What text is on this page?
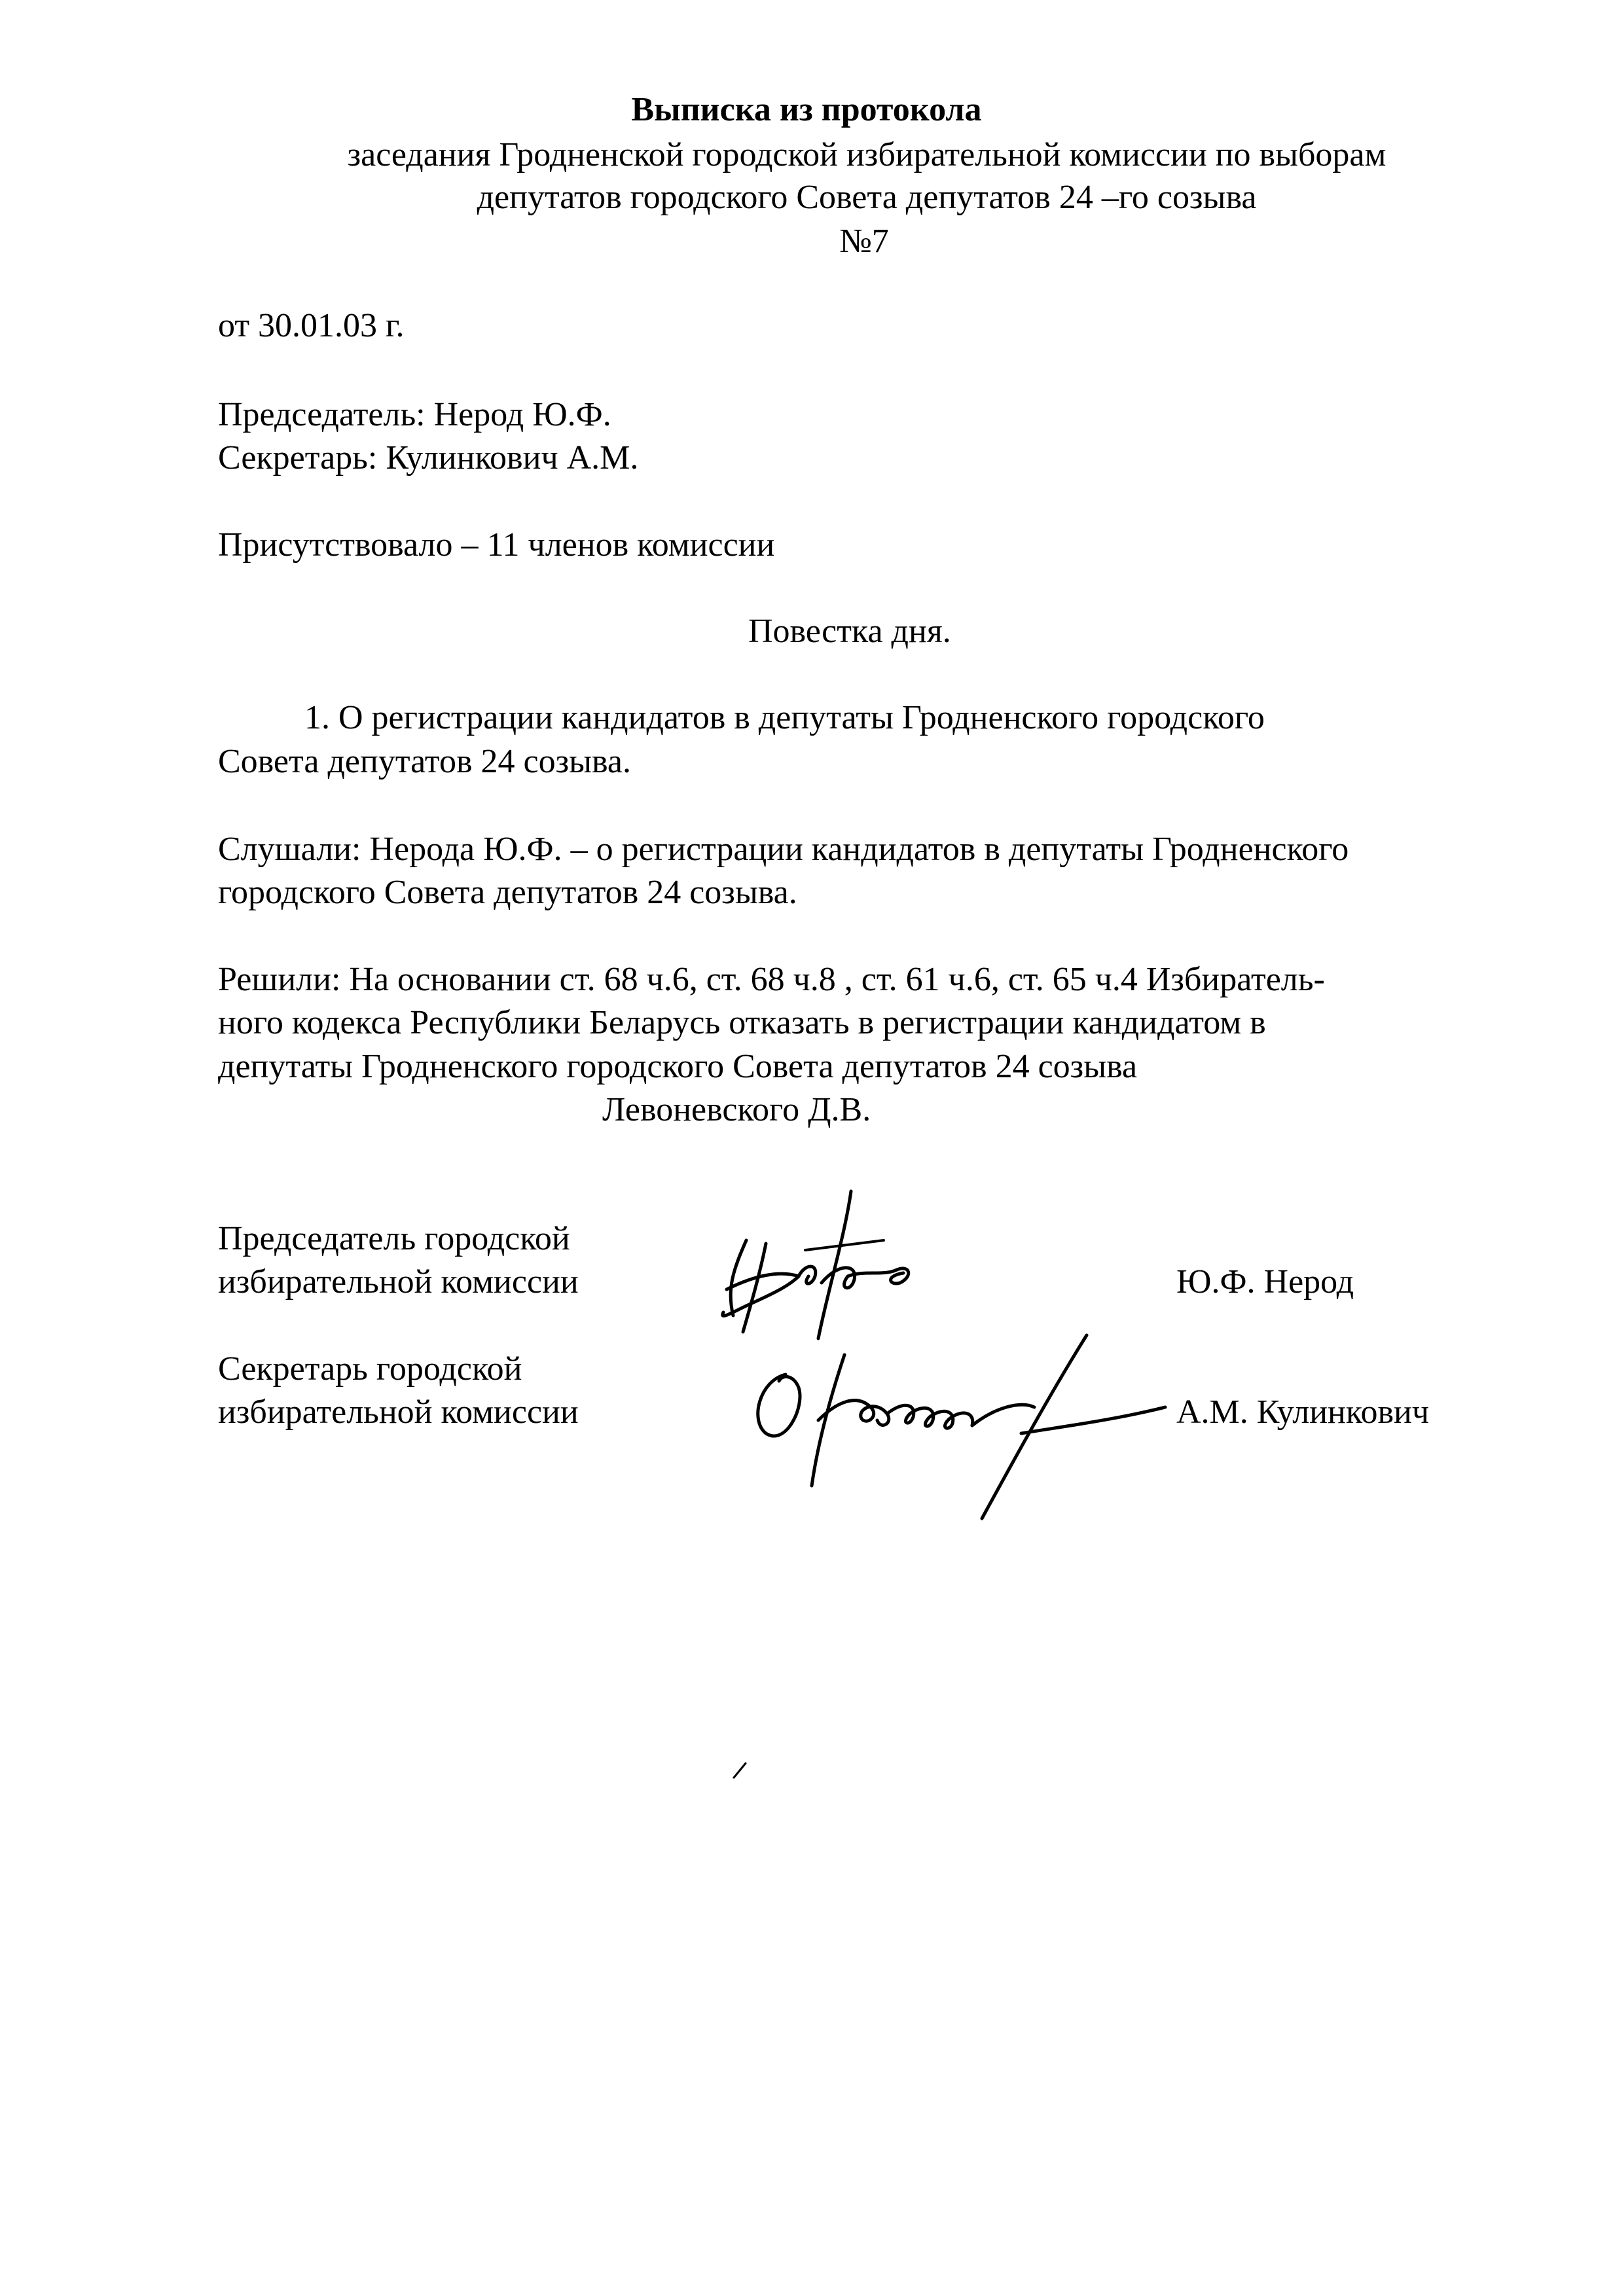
Выписка из протокола

заседания Гродненской городской избирательной комиссии по выборам

депутатов городского Совета депутатов 24 –го созыва

№7

от 30.01.03 г.

Председатель: Нерод Ю.Ф.

Секретарь: Кулинкович А.М.

Присутствовало – 11 членов комиссии

Повестка дня.

1. О регистрации кандидатов в депутаты Гродненского городского

Совета депутатов 24 созыва.

Слушали: Нерода Ю.Ф. – о регистрации кандидатов в депутаты Гродненского

городского Совета депутатов 24 созыва.

Решили: На основании ст. 68 ч.6, ст. 68 ч.8 , ст. 61 ч.6, ст. 65 ч.4 Избиратель-

ного кодекса Республики Беларусь отказать в регистрации кандидатом в

депутаты Гродненского городского Совета депутатов 24 созыва

Левоневского Д.В.

Председатель городской

избирательной комиссии	Ю.Ф. Нерод

Секретарь городской

избирательной комиссии	А.М. Кулинкович
